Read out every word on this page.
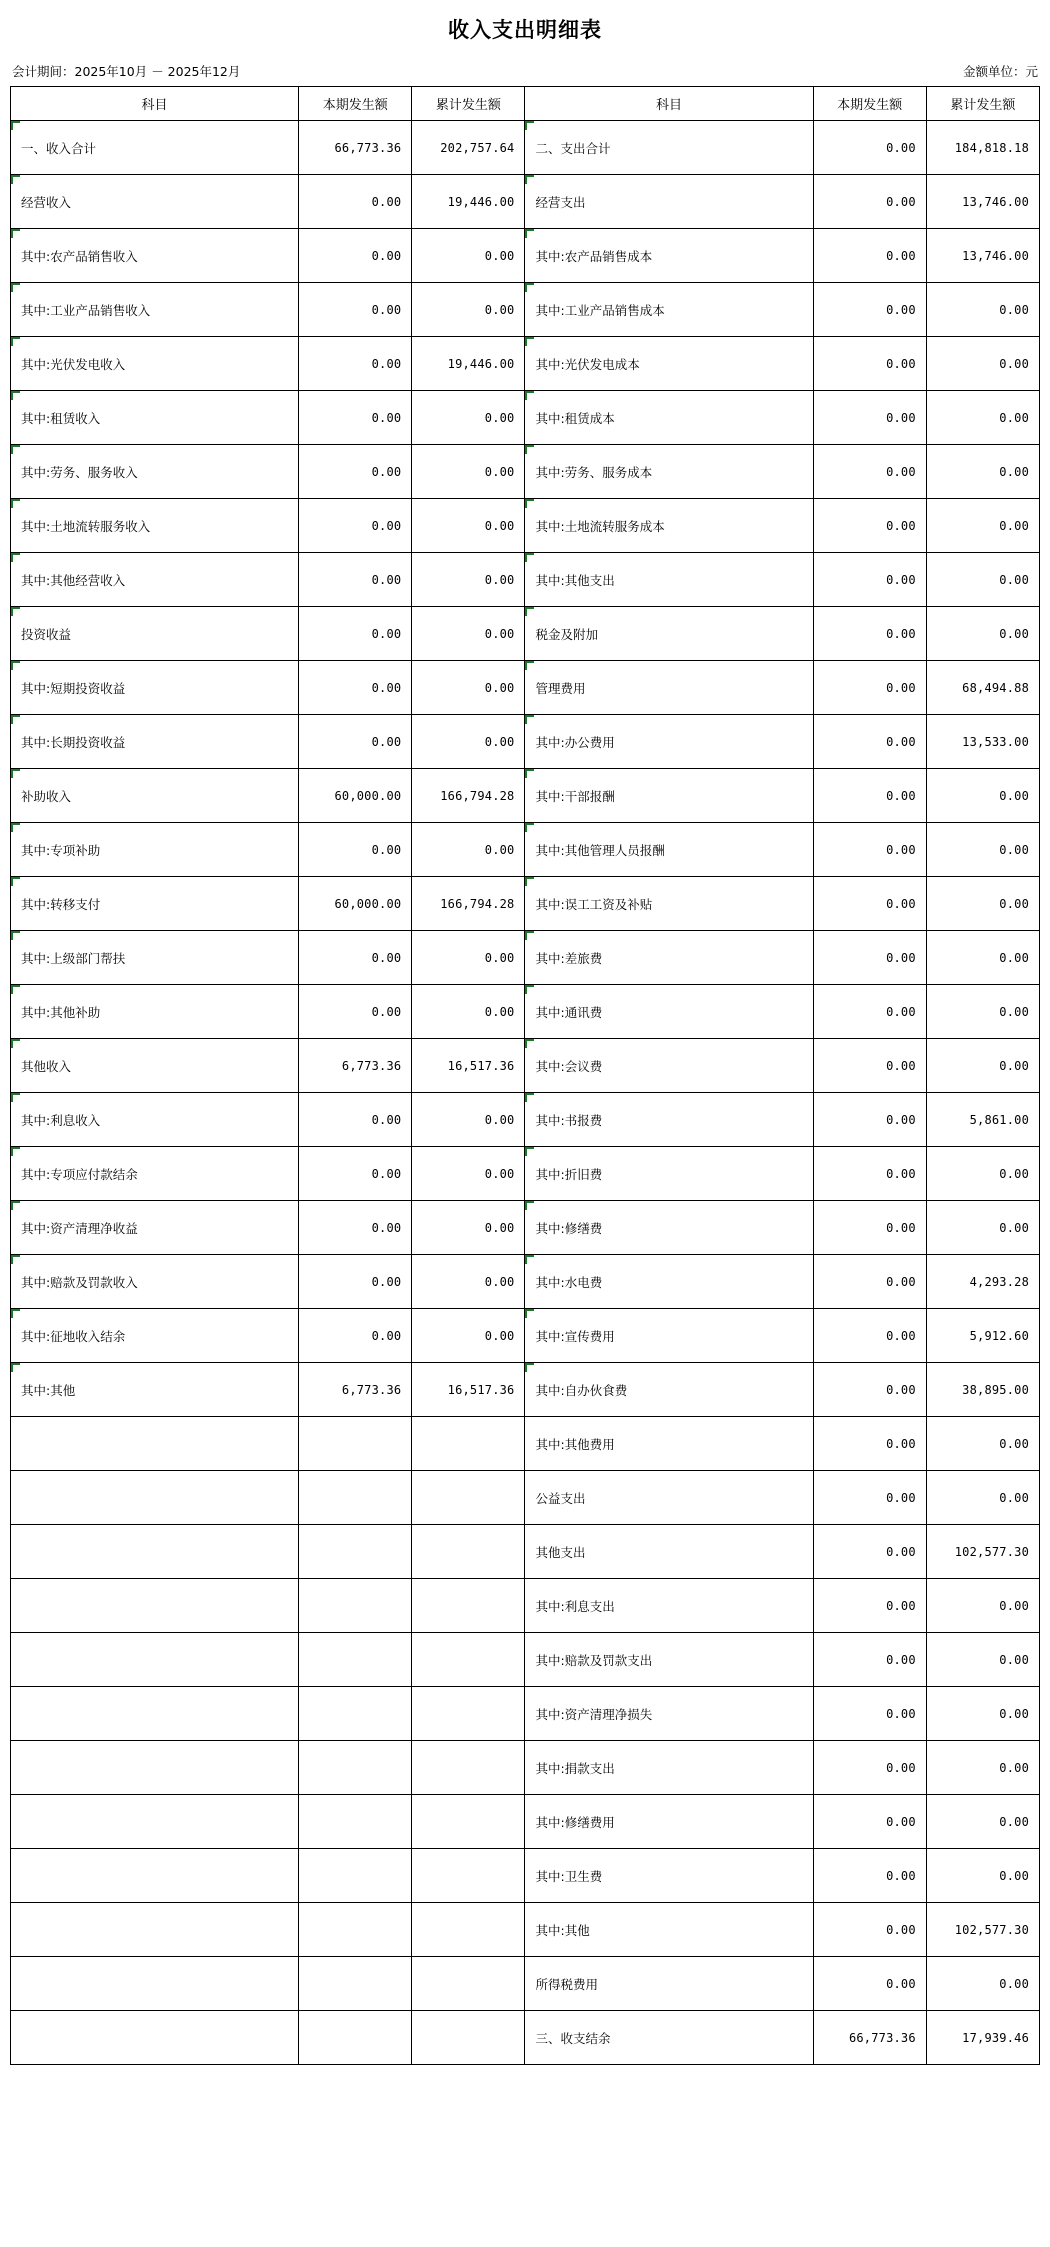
收入支出明细表
会计期间：2025年10月 － 2025年12月	金额单位：元
科目	本期发生额	累计发生额	科目	本期发生额	累计发生额
一、收入合计	66,773.36	202,757.64	二、支出合计	0.00	184,818.18
经营收入	0.00	19,446.00	经营支出	0.00	13,746.00
其中:农产品销售收入	0.00	0.00	其中:农产品销售成本	0.00	13,746.00
其中:工业产品销售收入	0.00	0.00	其中:工业产品销售成本	0.00	0.00
其中:光伏发电收入	0.00	19,446.00	其中:光伏发电成本	0.00	0.00
其中:租赁收入	0.00	0.00	其中:租赁成本	0.00	0.00
其中:劳务、服务收入	0.00	0.00	其中:劳务、服务成本	0.00	0.00
其中:土地流转服务收入	0.00	0.00	其中:土地流转服务成本	0.00	0.00
其中:其他经营收入	0.00	0.00	其中:其他支出	0.00	0.00
投资收益	0.00	0.00	税金及附加	0.00	0.00
其中:短期投资收益	0.00	0.00	管理费用	0.00	68,494.88
其中:长期投资收益	0.00	0.00	其中:办公费用	0.00	13,533.00
补助收入	60,000.00	166,794.28	其中:干部报酬	0.00	0.00
其中:专项补助	0.00	0.00	其中:其他管理人员报酬	0.00	0.00
其中:转移支付	60,000.00	166,794.28	其中:误工工资及补贴	0.00	0.00
其中:上级部门帮扶	0.00	0.00	其中:差旅费	0.00	0.00
其中:其他补助	0.00	0.00	其中:通讯费	0.00	0.00
其他收入	6,773.36	16,517.36	其中:会议费	0.00	0.00
其中:利息收入	0.00	0.00	其中:书报费	0.00	5,861.00
其中:专项应付款结余	0.00	0.00	其中:折旧费	0.00	0.00
其中:资产清理净收益	0.00	0.00	其中:修缮费	0.00	0.00
其中:赔款及罚款收入	0.00	0.00	其中:水电费	0.00	4,293.28
其中:征地收入结余	0.00	0.00	其中:宣传费用	0.00	5,912.60
其中:其他	6,773.36	16,517.36	其中:自办伙食费	0.00	38,895.00
			其中:其他费用	0.00	0.00
			公益支出	0.00	0.00
			其他支出	0.00	102,577.30
			其中:利息支出	0.00	0.00
			其中:赔款及罚款支出	0.00	0.00
			其中:资产清理净损失	0.00	0.00
			其中:捐款支出	0.00	0.00
			其中:修缮费用	0.00	0.00
			其中:卫生费	0.00	0.00
			其中:其他	0.00	102,577.30
			所得税费用	0.00	0.00
			三、收支结余	66,773.36	17,939.46
